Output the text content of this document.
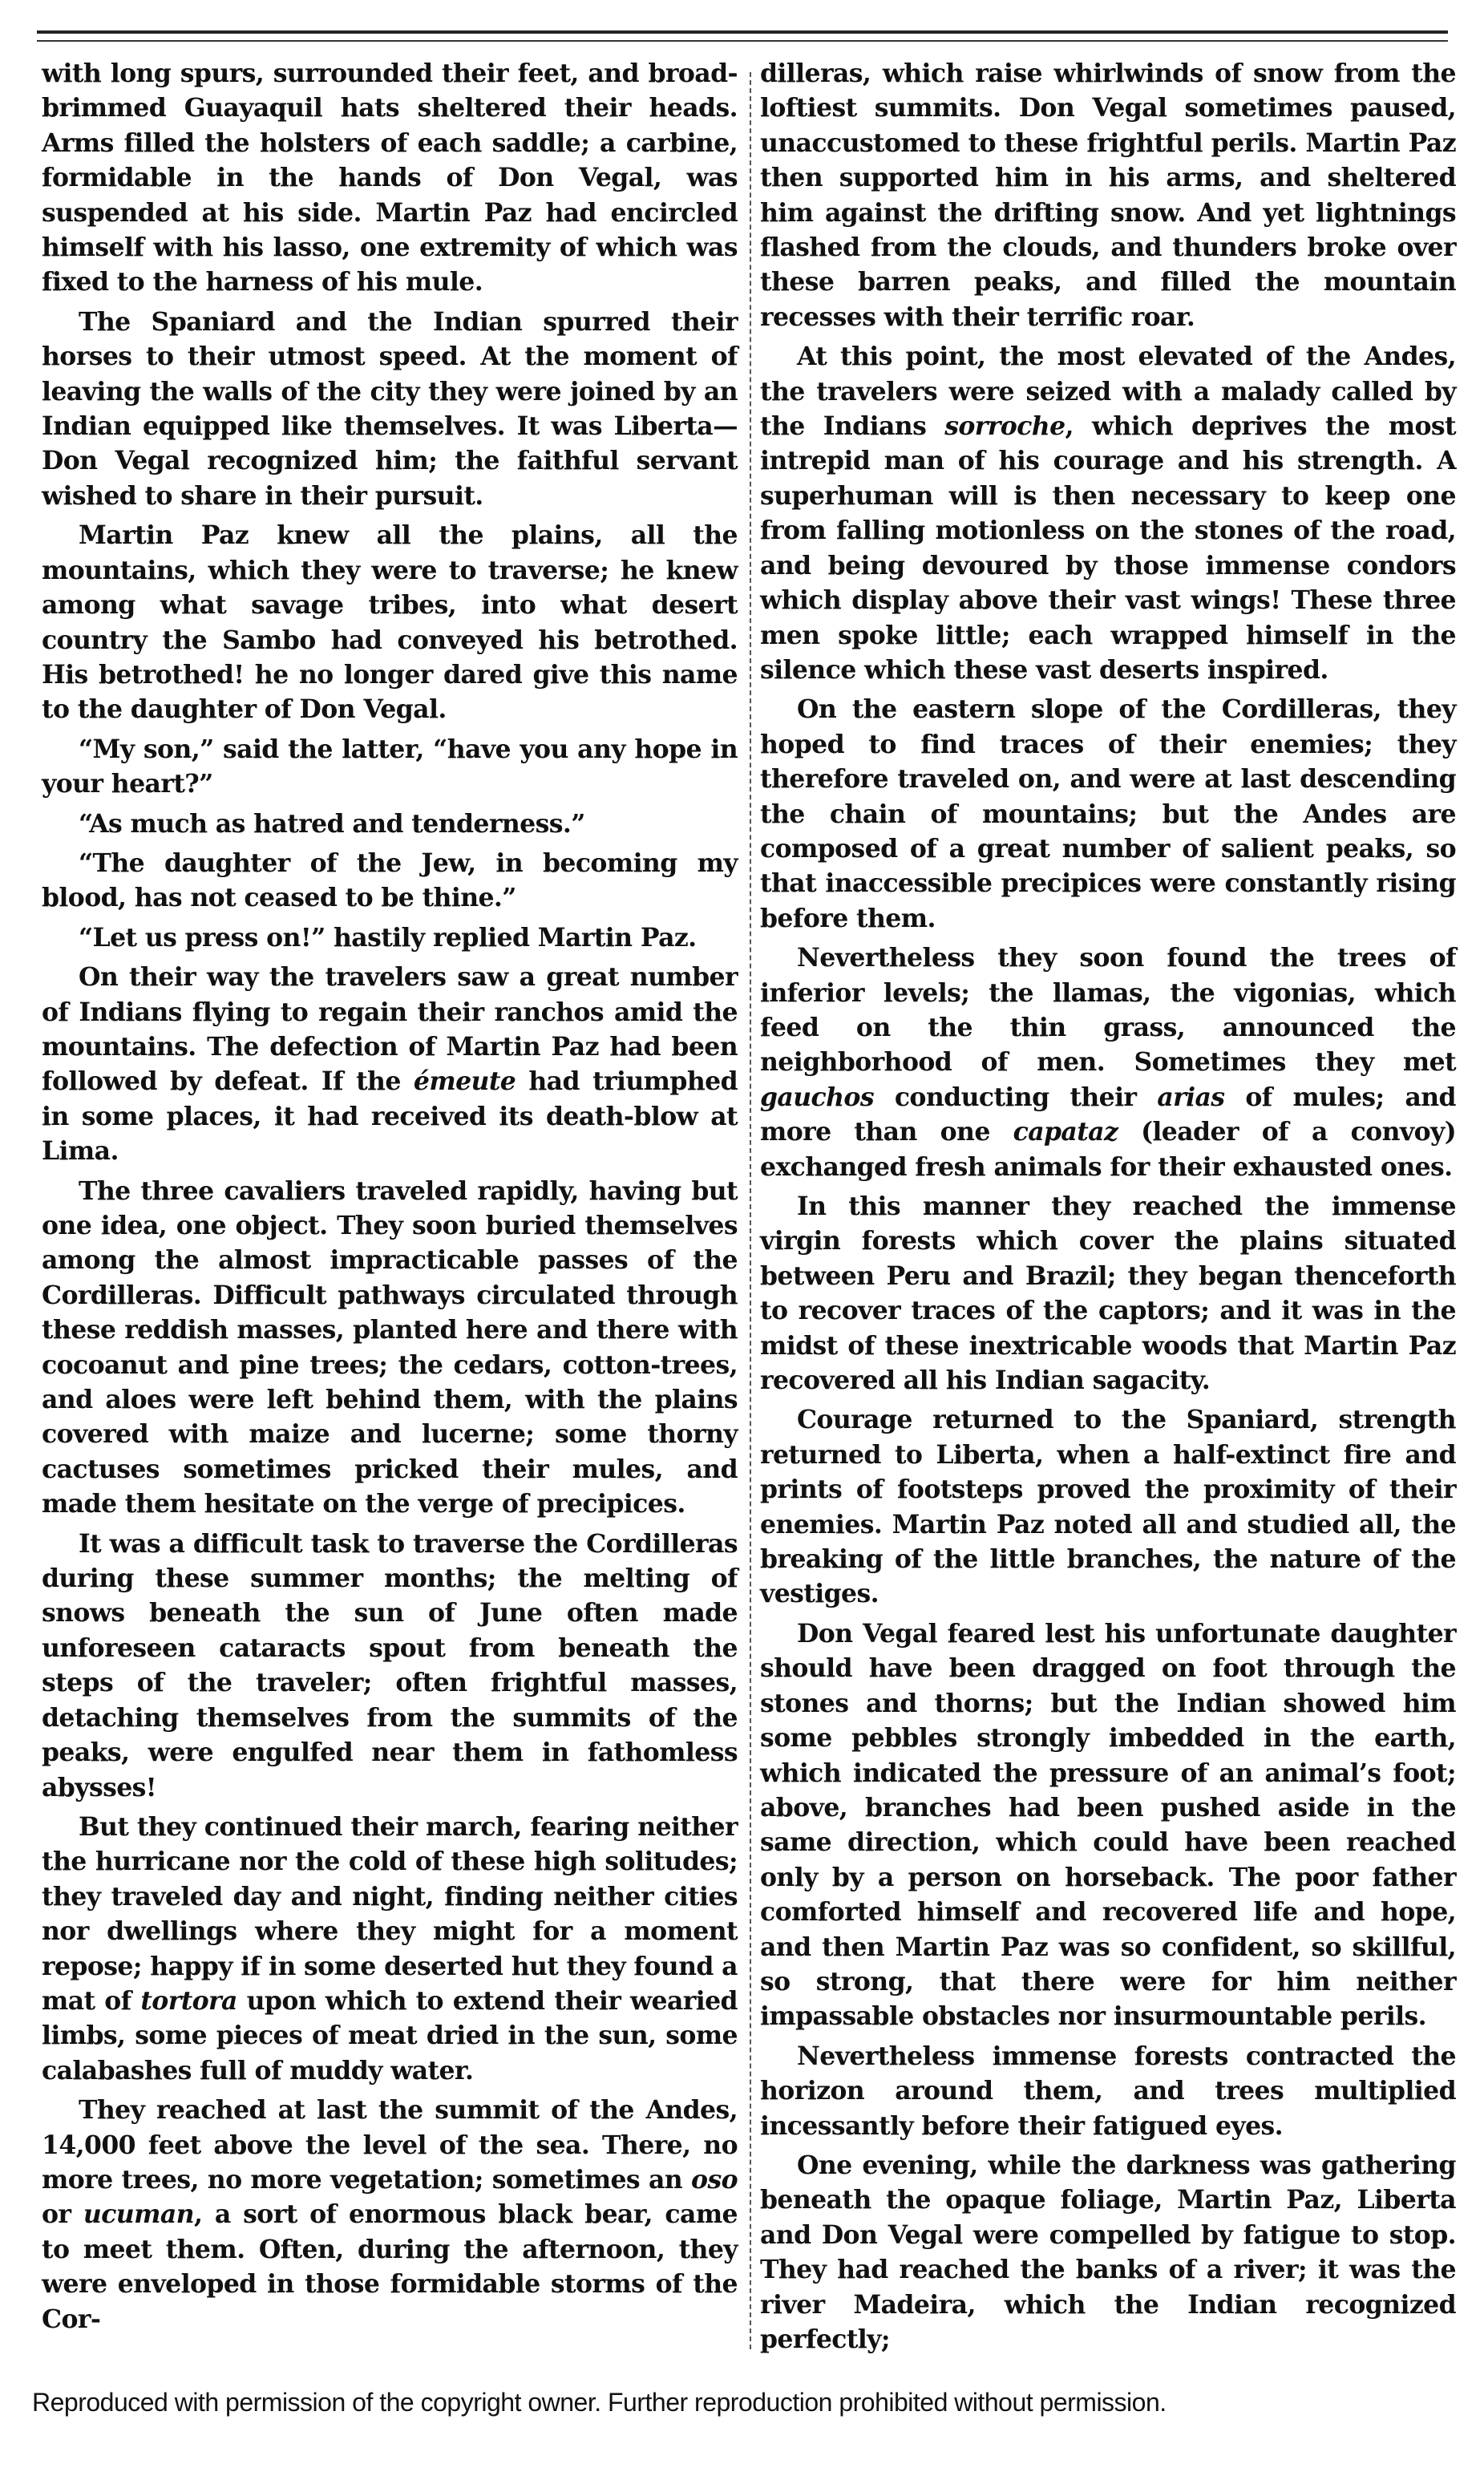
with long spurs, surrounded their feet, and broad-brimmed Guayaquil hats sheltered their heads. Arms filled the holsters of each saddle; a carbine, formidable in the hands of Don Vegal, was suspended at his side. Martin Paz had encircled himself with his lasso, one extremity of which was fixed to the harness of his mule.

The Spaniard and the Indian spurred their horses to their utmost speed. At the moment of leaving the walls of the city they were joined by an Indian equipped like themselves. It was Liberta—Don Vegal recognized him; the faithful servant wished to share in their pursuit.

Martin Paz knew all the plains, all the mountains, which they were to traverse; he knew among what savage tribes, into what desert country the Sambo had conveyed his betrothed. His betrothed! he no longer dared give this name to the daughter of Don Vegal.

“My son,” said the latter, “have you any hope in your heart?”

“As much as hatred and tenderness.”

“The daughter of the Jew, in becoming my blood, has not ceased to be thine.”

“Let us press on!” hastily replied Martin Paz.

On their way the travelers saw a great number of Indians flying to regain their ranchos amid the mountains. The defection of Martin Paz had been followed by defeat. If the émeute had triumphed in some places, it had received its death-blow at Lima.

The three cavaliers traveled rapidly, having but one idea, one object. They soon buried themselves among the almost impracticable passes of the Cordilleras. Difficult pathways circulated through these reddish masses, planted here and there with cocoanut and pine trees; the cedars, cotton-trees, and aloes were left behind them, with the plains covered with maize and lucerne; some thorny cactuses sometimes pricked their mules, and made them hesitate on the verge of precipices.

It was a difficult task to traverse the Cordilleras during these summer months; the melting of snows beneath the sun of June often made unforeseen cataracts spout from beneath the steps of the traveler; often frightful masses, detaching themselves from the summits of the peaks, were engulfed near them in fathomless abysses!

But they continued their march, fearing neither the hurricane nor the cold of these high solitudes; they traveled day and night, finding neither cities nor dwellings where they might for a moment repose; happy if in some deserted hut they found a mat of tortora upon which to extend their wearied limbs, some pieces of meat dried in the sun, some calabashes full of muddy water.

They reached at last the summit of the Andes, 14,000 feet above the level of the sea. There, no more trees, no more vegetation; sometimes an oso or ucuman, a sort of enormous black bear, came to meet them. Often, during the afternoon, they were enveloped in those formidable storms of the Cor-

dilleras, which raise whirlwinds of snow from the loftiest summits. Don Vegal sometimes paused, unaccustomed to these frightful perils. Martin Paz then supported him in his arms, and sheltered him against the drifting snow. And yet lightnings flashed from the clouds, and thunders broke over these barren peaks, and filled the mountain recesses with their terrific roar.

At this point, the most elevated of the Andes, the travelers were seized with a malady called by the Indians sorroche, which deprives the most intrepid man of his courage and his strength. A superhuman will is then necessary to keep one from falling motionless on the stones of the road, and being devoured by those immense condors which display above their vast wings! These three men spoke little; each wrapped himself in the silence which these vast deserts inspired.

On the eastern slope of the Cordilleras, they hoped to find traces of their enemies; they therefore traveled on, and were at last descending the chain of mountains; but the Andes are composed of a great number of salient peaks, so that inaccessible precipices were constantly rising before them.

Nevertheless they soon found the trees of inferior levels; the llamas, the vigonias, which feed on the thin grass, announced the neighborhood of men. Sometimes they met gauchos conducting their arias of mules; and more than one capataz (leader of a convoy) exchanged fresh animals for their exhausted ones.

In this manner they reached the immense virgin forests which cover the plains situated between Peru and Brazil; they began thenceforth to recover traces of the captors; and it was in the midst of these inextricable woods that Martin Paz recovered all his Indian sagacity.

Courage returned to the Spaniard, strength returned to Liberta, when a half-extinct fire and prints of footsteps proved the proximity of their enemies. Martin Paz noted all and studied all, the breaking of the little branches, the nature of the vestiges.

Don Vegal feared lest his unfortunate daughter should have been dragged on foot through the stones and thorns; but the Indian showed him some pebbles strongly imbedded in the earth, which indicated the pressure of an animal’s foot; above, branches had been pushed aside in the same direction, which could have been reached only by a person on horseback. The poor father comforted himself and recovered life and hope, and then Martin Paz was so confident, so skillful, so strong, that there were for him neither impassable obstacles nor insurmountable perils.

Nevertheless immense forests contracted the horizon around them, and trees multiplied incessantly before their fatigued eyes.

One evening, while the darkness was gathering beneath the opaque foliage, Martin Paz, Liberta and Don Vegal were compelled by fatigue to stop. They had reached the banks of a river; it was the river Madeira, which the Indian recognized perfectly;

Reproduced with permission of the copyright owner. Further reproduction prohibited without permission.
